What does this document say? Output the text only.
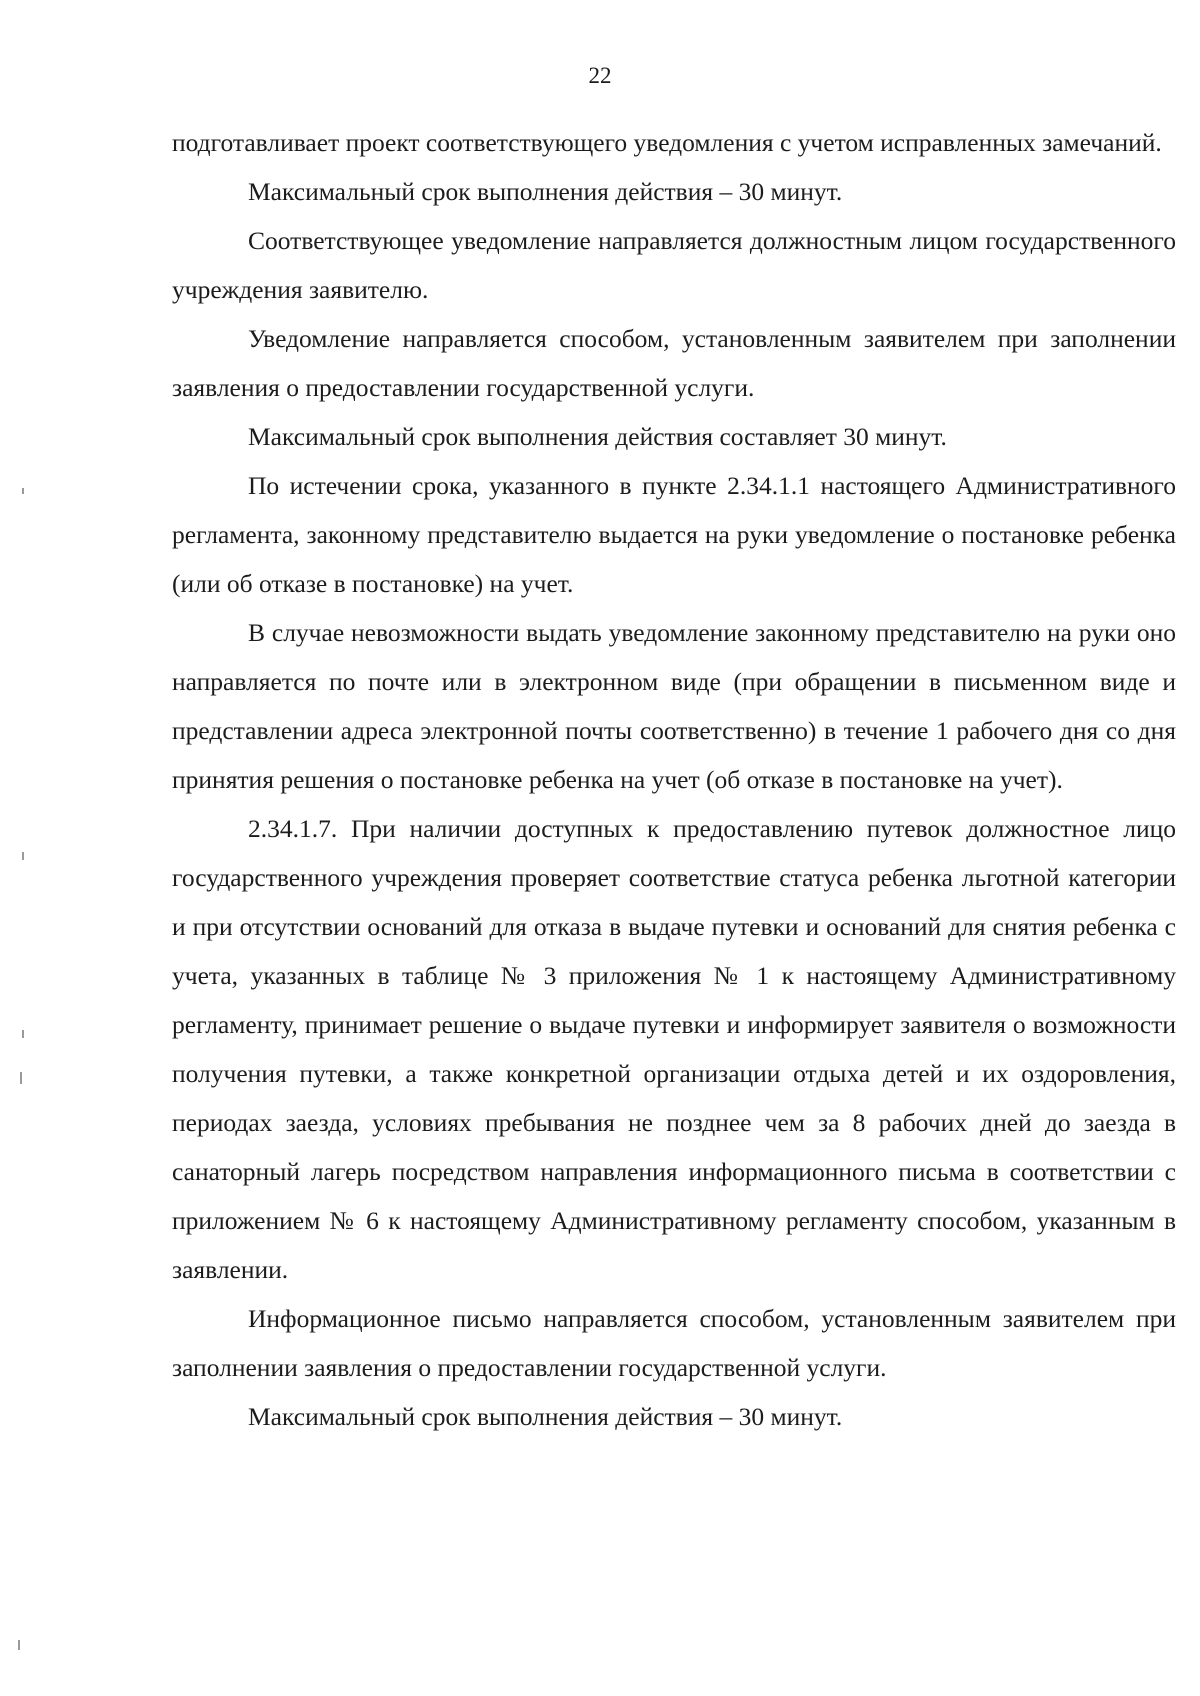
22

подготавливает проект соответствующего уведомления с учетом исправленных замечаний.

Максимальный срок выполнения действия – 30 минут.

Соответствующее уведомление направляется должностным лицом государственного учреждения заявителю.

Уведомление направляется способом, установленным заявителем при заполнении заявления о предоставлении государственной услуги.

Максимальный срок выполнения действия составляет 30 минут.

По истечении срока, указанного в пункте 2.34.1.1 настоящего Административного регламента, законному представителю выдается на руки уведомление о постановке ребенка (или об отказе в постановке) на учет.

В случае невозможности выдать уведомление законному представителю на руки оно направляется по почте или в электронном виде (при обращении в письменном виде и представлении адреса электронной почты соответственно) в течение 1 рабочего дня со дня принятия решения о постановке ребенка на учет (об отказе в постановке на учет).

2.34.1.7. При наличии доступных к предоставлению путевок должностное лицо государственного учреждения проверяет соответствие статуса ребенка льготной категории и при отсутствии оснований для отказа в выдаче путевки и оснований для снятия ребенка с учета, указанных в таблице № 3 приложения № 1 к настоящему Административному регламенту, принимает решение о выдаче путевки и информирует заявителя о возможности получения путевки, а также конкретной организации отдыха детей и их оздоровления, периодах заезда, условиях пребывания не позднее чем за 8 рабочих дней до заезда в санаторный лагерь посредством направления информационного письма в соответствии с приложением № 6 к настоящему Административному регламенту способом, указанным в заявлении.

Информационное письмо направляется способом, установленным заявителем при заполнении заявления о предоставлении государственной услуги.

Максимальный срок выполнения действия – 30 минут.
